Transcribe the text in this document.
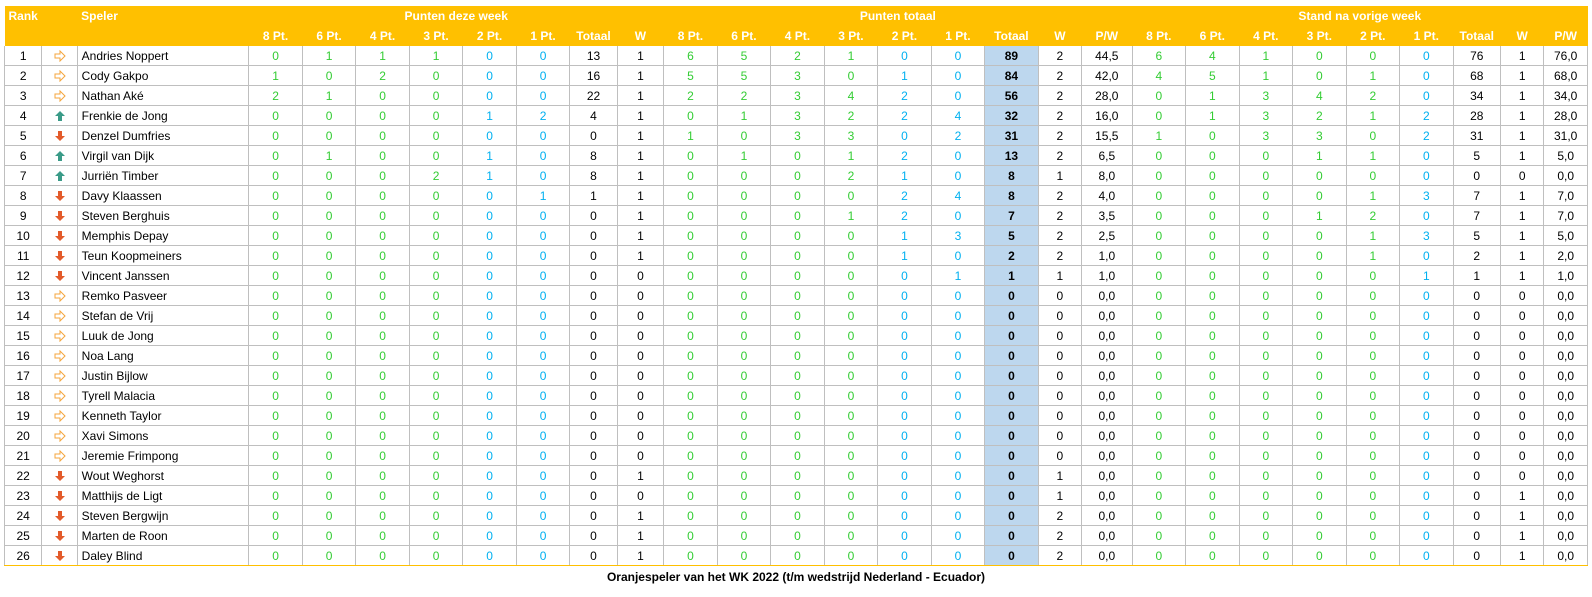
Rank		Speler	Punten deze week								Punten totaal									Stand na vorige week								
			8 Pt.	6 Pt.	4 Pt.	3 Pt.	2 Pt.	1 Pt.	Totaal	W	8 Pt.	6 Pt.	4 Pt.	3 Pt.	2 Pt.	1 Pt.	Totaal	W	P/W	8 Pt.	6 Pt.	4 Pt.	3 Pt.	2 Pt.	1 Pt.	Totaal	W	P/W
1		Andries Noppert	0	1	1	1	0	0	13	1	6	5	2	1	0	0	89	2	44,5	6	4	1	0	0	0	76	1	76,0
2		Cody Gakpo	1	0	2	0	0	0	16	1	5	5	3	0	1	0	84	2	42,0	4	5	1	0	1	0	68	1	68,0
3		Nathan Aké	2	1	0	0	0	0	22	1	2	2	3	4	2	0	56	2	28,0	0	1	3	4	2	0	34	1	34,0
4		Frenkie de Jong	0	0	0	0	1	2	4	1	0	1	3	2	2	4	32	2	16,0	0	1	3	2	1	2	28	1	28,0
5		Denzel Dumfries	0	0	0	0	0	0	0	1	1	0	3	3	0	2	31	2	15,5	1	0	3	3	0	2	31	1	31,0
6		Virgil van Dijk	0	1	0	0	1	0	8	1	0	1	0	1	2	0	13	2	6,5	0	0	0	1	1	0	5	1	5,0
7		Jurriën Timber	0	0	0	2	1	0	8	1	0	0	0	2	1	0	8	1	8,0	0	0	0	0	0	0	0	0	0,0
8		Davy Klaassen	0	0	0	0	0	1	1	1	0	0	0	0	2	4	8	2	4,0	0	0	0	0	1	3	7	1	7,0
9		Steven Berghuis	0	0	0	0	0	0	0	1	0	0	0	1	2	0	7	2	3,5	0	0	0	1	2	0	7	1	7,0
10		Memphis Depay	0	0	0	0	0	0	0	1	0	0	0	0	1	3	5	2	2,5	0	0	0	0	1	3	5	1	5,0
11		Teun Koopmeiners	0	0	0	0	0	0	0	1	0	0	0	0	1	0	2	2	1,0	0	0	0	0	1	0	2	1	2,0
12		Vincent Janssen	0	0	0	0	0	0	0	0	0	0	0	0	0	1	1	1	1,0	0	0	0	0	0	1	1	1	1,0
13		Remko Pasveer	0	0	0	0	0	0	0	0	0	0	0	0	0	0	0	0	0,0	0	0	0	0	0	0	0	0	0,0
14		Stefan de Vrij	0	0	0	0	0	0	0	0	0	0	0	0	0	0	0	0	0,0	0	0	0	0	0	0	0	0	0,0
15		Luuk de Jong	0	0	0	0	0	0	0	0	0	0	0	0	0	0	0	0	0,0	0	0	0	0	0	0	0	0	0,0
16		Noa Lang	0	0	0	0	0	0	0	0	0	0	0	0	0	0	0	0	0,0	0	0	0	0	0	0	0	0	0,0
17		Justin Bijlow	0	0	0	0	0	0	0	0	0	0	0	0	0	0	0	0	0,0	0	0	0	0	0	0	0	0	0,0
18		Tyrell Malacia	0	0	0	0	0	0	0	0	0	0	0	0	0	0	0	0	0,0	0	0	0	0	0	0	0	0	0,0
19		Kenneth Taylor	0	0	0	0	0	0	0	0	0	0	0	0	0	0	0	0	0,0	0	0	0	0	0	0	0	0	0,0
20		Xavi Simons	0	0	0	0	0	0	0	0	0	0	0	0	0	0	0	0	0,0	0	0	0	0	0	0	0	0	0,0
21		Jeremie Frimpong	0	0	0	0	0	0	0	0	0	0	0	0	0	0	0	0	0,0	0	0	0	0	0	0	0	0	0,0
22		Wout Weghorst	0	0	0	0	0	0	0	1	0	0	0	0	0	0	0	1	0,0	0	0	0	0	0	0	0	0	0,0
23		Matthijs de Ligt	0	0	0	0	0	0	0	0	0	0	0	0	0	0	0	1	0,0	0	0	0	0	0	0	0	1	0,0
24		Steven Bergwijn	0	0	0	0	0	0	0	1	0	0	0	0	0	0	0	2	0,0	0	0	0	0	0	0	0	1	0,0
25		Marten de Roon	0	0	0	0	0	0	0	1	0	0	0	0	0	0	0	2	0,0	0	0	0	0	0	0	0	1	0,0
26		Daley Blind	0	0	0	0	0	0	0	1	0	0	0	0	0	0	0	2	0,0	0	0	0	0	0	0	0	1	0,0
Oranjespeler van het WK 2022 (t/m wedstrijd Nederland - Ecuador)
